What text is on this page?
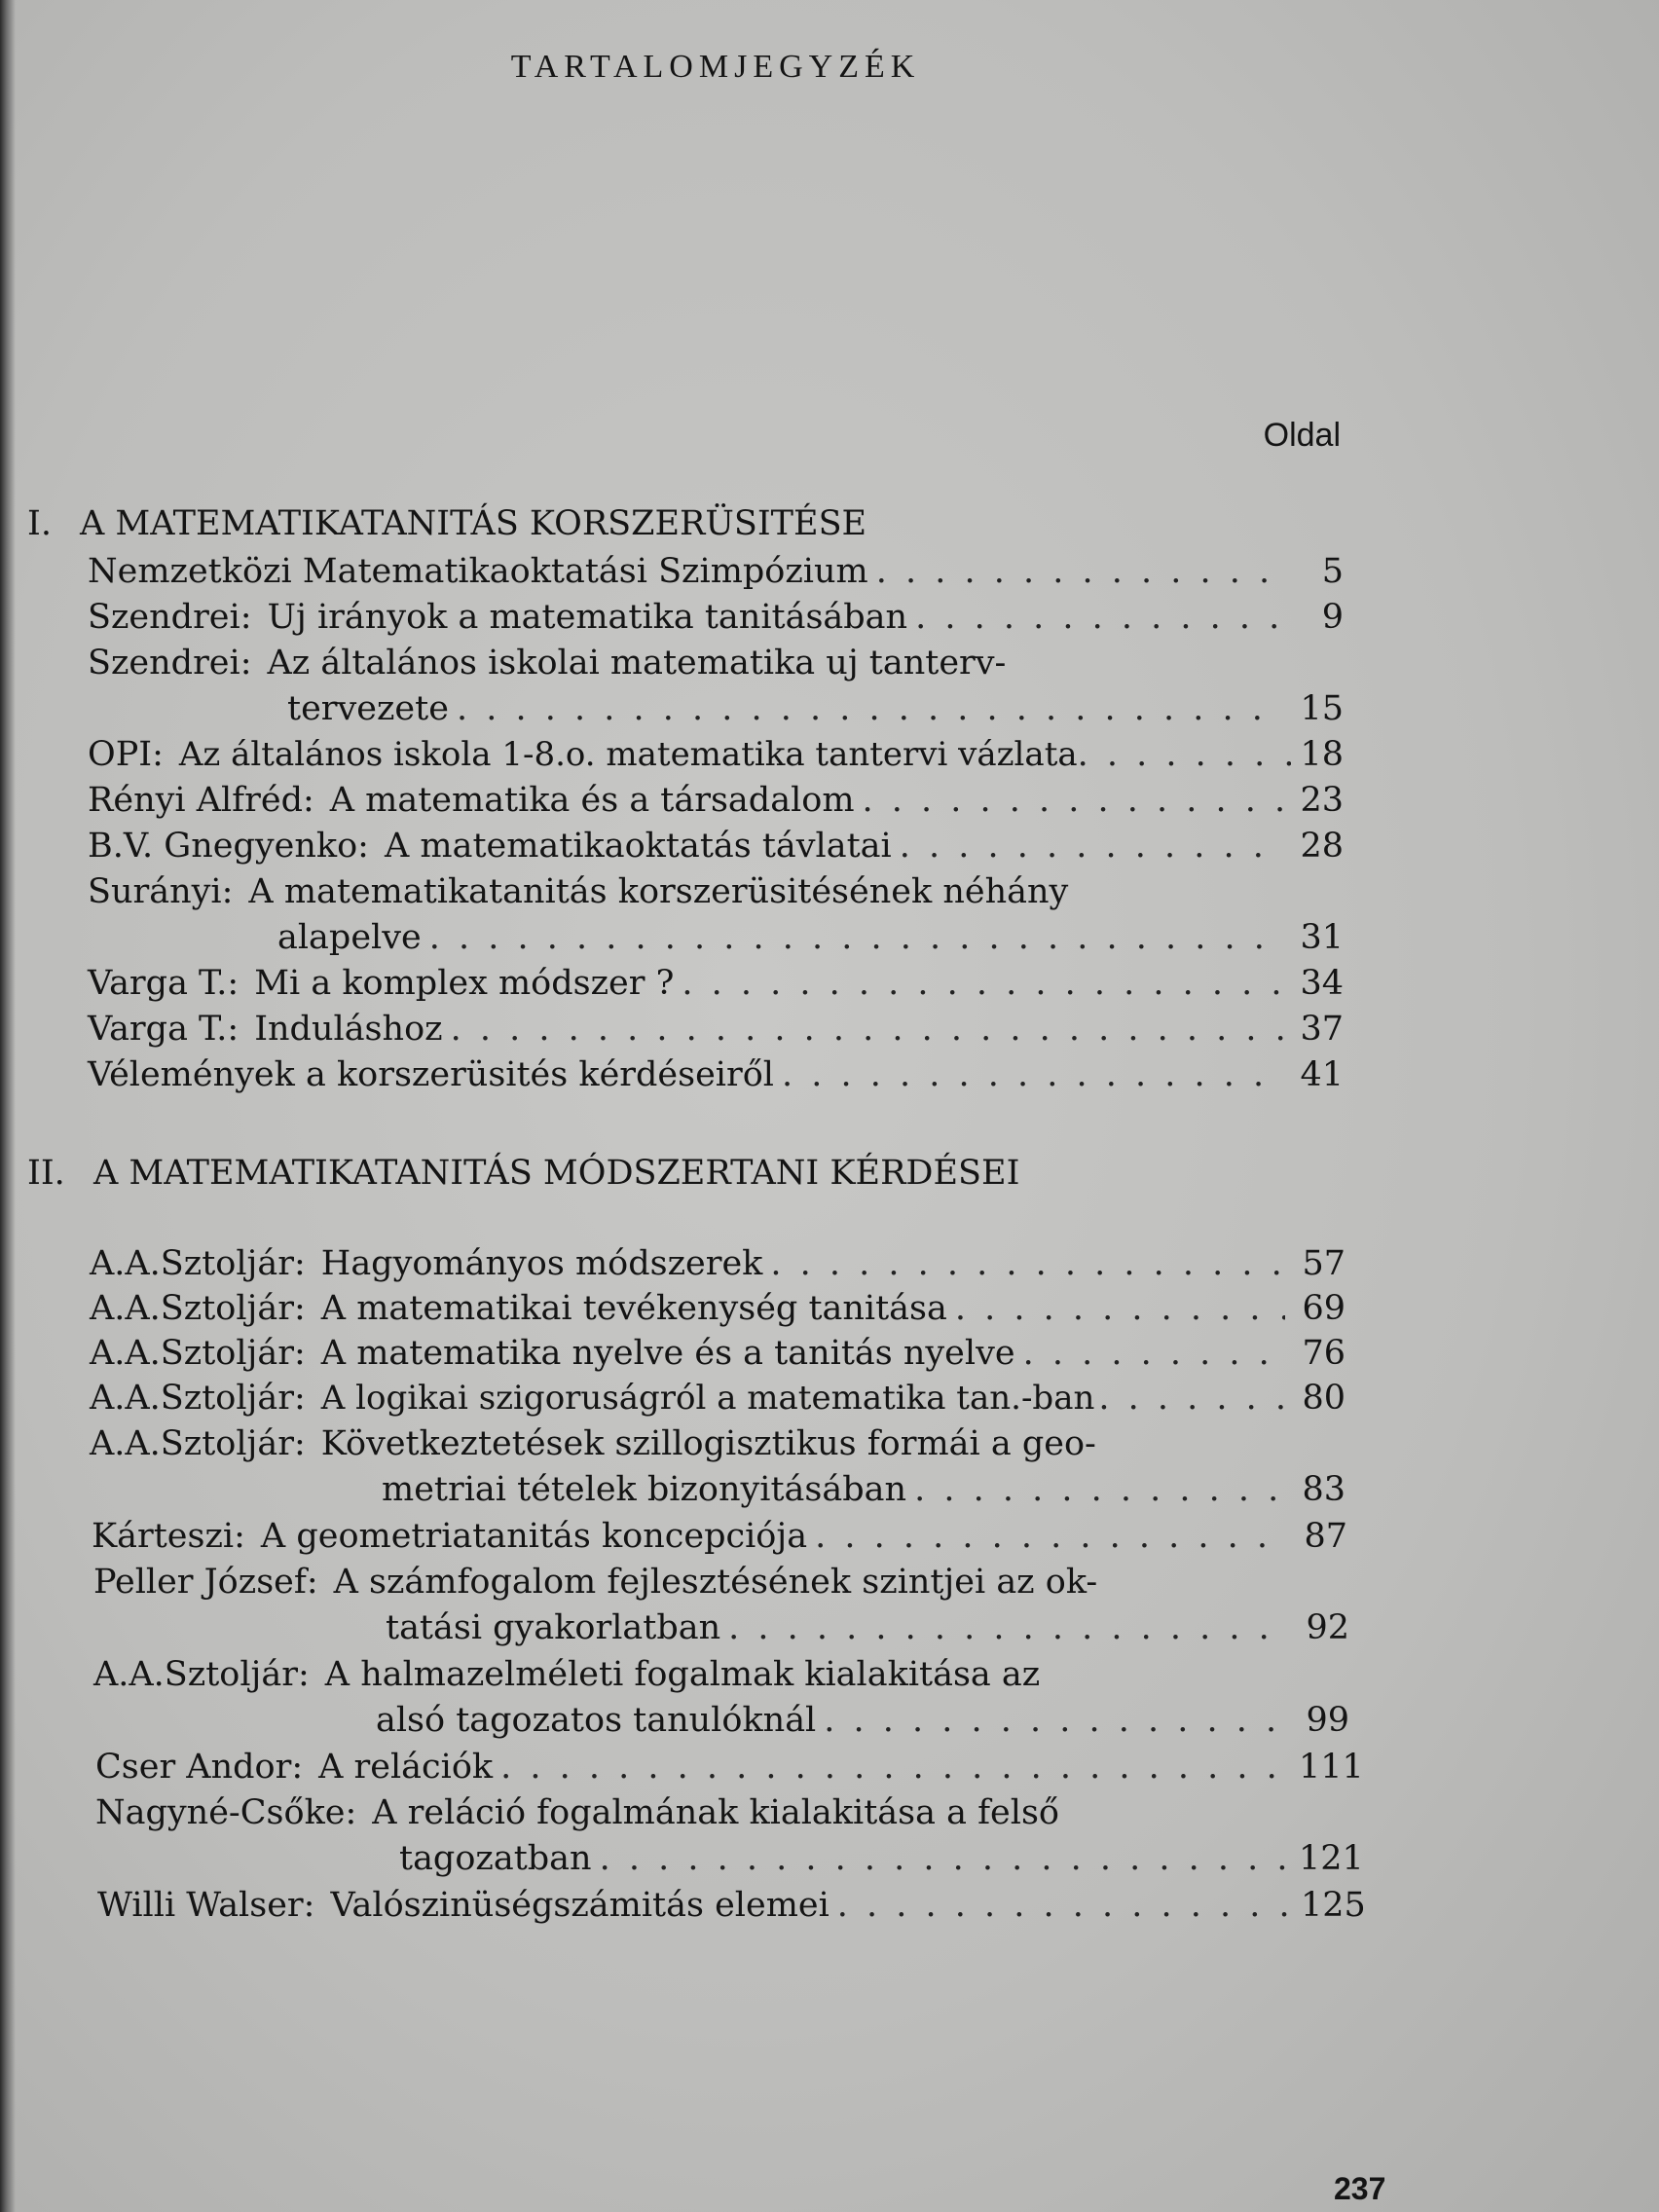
TARTALOMJEGYZÉK
Oldal
I. A MATEMATIKATANITÁS KORSZERÜSITÉSE
Nemzetközi Matematikaoktatási Szimpózium . . .	5
Szendrei: Uj irányok a matematika tanitásában . . .	9
Szendrei: Az általános iskolai matematika uj tanterv-
tervezete . . .	15
OPI: Az általános iskola 1-8.o. matematika tantervi vázlata . . .	18
Rényi Alfréd: A matematika és a társadalom . . .	23
B.V. Gnegyenko: A matematikaoktatás távlatai . . .	28
Surányi: A matematikatanitás korszerüsitésének néhány
alapelve . . .	31
Varga T.: Mi a komplex módszer ? . . .	34
Varga T.: Induláshoz . . .	37
Vélemények a korszerüsités kérdéseiről . . .	41
II. A MATEMATIKATANITÁS MÓDSZERTANI KÉRDÉSEI
A.A.Sztoljár: Hagyományos módszerek . . .	57
A.A.Sztoljár: A matematikai tevékenység tanitása . . .	69
A.A.Sztoljár: A matematika nyelve és a tanitás nyelve . . .	76
A.A.Sztoljár: A logikai szigoruságról a matematika tan.-ban . . .	80
A.A.Sztoljár: Következtetések szillogisztikus formái a geo-
metriai tételek bizonyitásában . . .	83
Kárteszi: A geometriatanitás koncepciója . . .	87
Peller József: A számfogalom fejlesztésének szintjei az ok-
tatási gyakorlatban . . .	92
A.A.Sztoljár: A halmazelméleti fogalmak kialakitása az
alsó tagozatos tanulóknál . . .	99
Cser Andor: A relációk . . .	111
Nagyné-Csőke: A reláció fogalmának kialakitása a felső
tagozatban . . .	121
Willi Walser: Valószinüségszámitás elemei . . .	125
237
